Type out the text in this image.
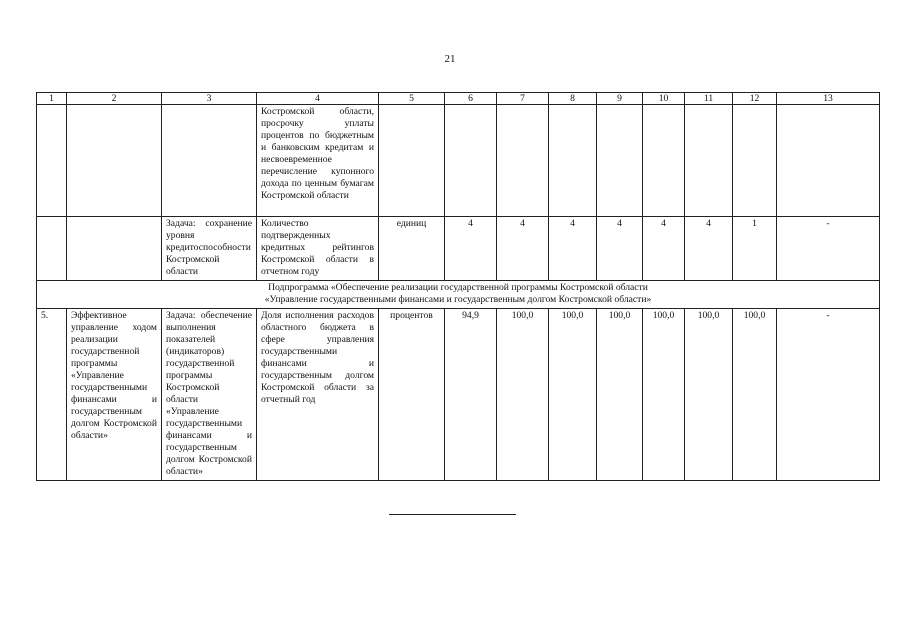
21
1	2	3	4	5	6	7	8	9	10	11	12	13
			Костромской области, просрочку уплаты процентов по бюджетным и банковским кредитам и несвоевременное перечисление купонного дохода по ценным бумагам Костромской области									
		Задача: сохранение уровня кредитоспособности Костромской области	Количество подтвержденных кредитных рейтингов Костромской области в отчетном году	единиц	4	4	4	4	4	4	1	-

Подпрограмма «Обеспечение реализации государственной программы Костромской области
«Управление государственными финансами и государственным долгом Костромской области»												

5.	Эффективное управление ходом реализации государственной программы «Управление государственными финансами и государственным долгом Костромской области»	Задача: обеспечение выполнения показателей (индикаторов) государственной программы Костромской области «Управление государственными финансами и государственным долгом Костромской области»	Доля исполнения расходов областного бюджета в сфере управления государственными финансами и государственным долгом Костромской области за отчетный год	процентов	94,9	100,0	100,0	100,0	100,0	100,0	100,0	-
